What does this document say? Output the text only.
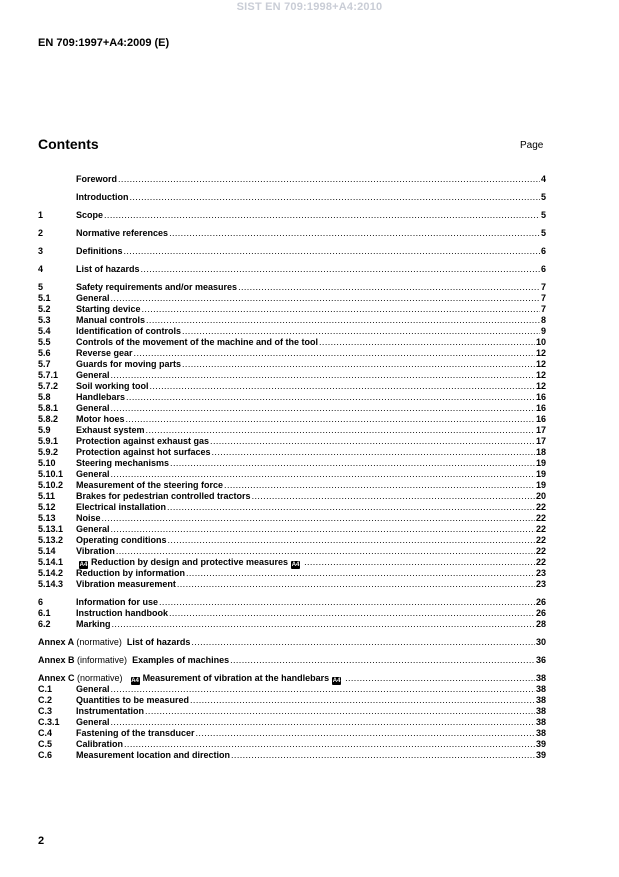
SIST EN 709:1998+A4:2010
EN 709:1997+A4:2009 (E)
Contents	Page
Foreword .....	4
Introduction .....	5
1	Scope .....	5
2	Normative references .....	5
3	Definitions .....	6
4	List of hazards .....	6
5	Safety requirements and/or measures .....	7
5.1	General .....	7
5.2	Starting device .....	7
5.3	Manual controls .....	8
5.4	Identification of controls .....	9
5.5	Controls of the movement of the machine and of the tool .....	10
5.6	Reverse gear .....	12
5.7	Guards for moving parts .....	12
5.7.1	General .....	12
5.7.2	Soil working tool .....	12
5.8	Handlebars .....	16
5.8.1	General .....	16
5.8.2	Motor hoes .....	16
5.9	Exhaust system .....	17
5.9.1	Protection against exhaust gas .....	17
5.9.2	Protection against hot surfaces .....	18
5.10	Steering mechanisms .....	19
5.10.1	General .....	19
5.10.2	Measurement of the steering force .....	19
5.11	Brakes for pedestrian controlled tractors .....	20
5.12	Electrical installation .....	22
5.13	Noise .....	22
5.13.1	General .....	22
5.13.2	Operating conditions .....	22
5.14	Vibration .....	22
5.14.1	A4 Reduction by design and protective measures A4 .....	22
5.14.2	Reduction by information .....	23
5.14.3	Vibration measurement .....	23
6	Information for use .....	26
6.1	Instruction handbook .....	26
6.2	Marking .....	28
Annex A (normative) List of hazards .....	30
Annex B (informative) Examples of machines .....	36
Annex C (normative) A4 Measurement of vibration at the handlebars A4 .....	38
C.1	General .....	38
C.2	Quantities to be measured .....	38
C.3	Instrumentation .....	38
C.3.1	General .....	38
C.4	Fastening of the transducer .....	38
C.5	Calibration .....	39
C.6	Measurement location and direction .....	39
2
